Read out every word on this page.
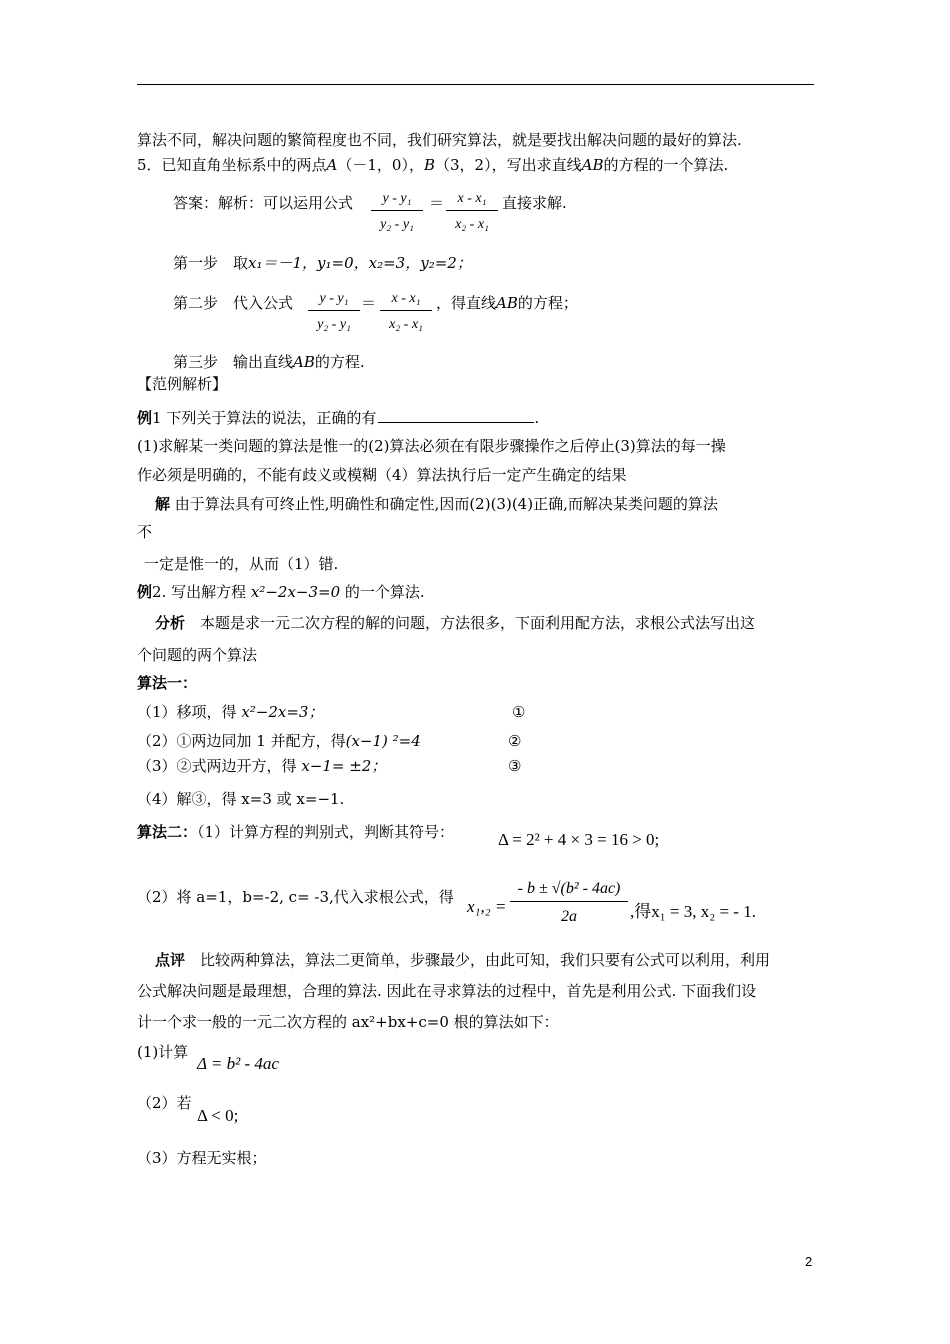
算法不同，解决问题的繁简程度也不同，我们研究算法，就是要找出解决问题的最好的算法.
5．已知直角坐标系中的两点A（－1，0），B（3，2），写出求直线AB的方程的一个算法.
答案：解析：可以运用公式 $\frac{\text{y - y₁}}{\text{y₂ - y₁}} = \frac{\text{x - x₁}}{\text{x₂ - x₁}}$ 直接求解.
第一步　取x₁＝－1，y₁=0，x₂=3，y₂=2；
第二步　代入公式 $\frac{\text{y - y₁}}{\text{y₂ - y₁}} = \frac{\text{x - x₁}}{\text{x₂ - x₁}}$ ，得直线AB的方程；
第三步　输出直线AB的方程.
【范例解析】
例1 下列关于算法的说法，正确的有	.
(1)求解某一类问题的算法是惟一的(2)算法必须在有限步骤操作之后停止(3)算法的每一操
作必须是明确的，不能有歧义或模糊（4）算法执行后一定产生确定的结果
解 由于算法具有可终止性,明确性和确定性,因而(2)(3)(4)正确,而解决某类问题的算法
不
一定是惟一的，从而（1）错.
例2. 写出解方程 x²−2x−3=0 的一个算法.
分析　本题是求一元二次方程的解的问题，方法很多，下面利用配方法，求根公式法写出这
个问题的两个算法
算法一：
（1）移项，得 x²−2x=3；	①
（2）①两边同加 1 并配方，得(x−1) ²=4	②
（3）②式两边开方，得 x−1= ±2；	③
（4）解③，得 x=3 或 x=−1.
算法二：（1）计算方程的判别式，判断其符号：	Δ = 2² + 4 × 3 = 16 > 0;
（2）将 a=1，b=-2, c= -3,代入求根公式，得 $x_1,_2 = \frac{\text{- b ± √(b² - 4ac)}}{2a}$ ,得x₁ = 3, x₂ = - 1.
点评　比较两种算法，算法二更简单，步骤最少，由此可知，我们只要有公式可以利用，利用
公式解决问题是最理想，合理的算法. 因此在寻求算法的过程中，首先是利用公式. 下面我们设
计一个求一般的一元二次方程的 ax²+bx+c=0 根的算法如下：
(1)计算
Δ = b² - 4ac
（2）若
Δ < 0;
（3）方程无实根；
2
